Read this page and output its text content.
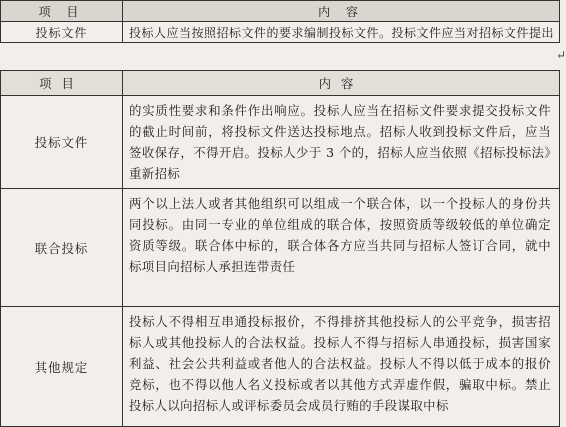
项 目	内 容
投标文件	投标人应当按照招标文件的要求编制投标文件。投标文件应当对招标文件提出
↵
项目	内容
投标文件	的实质性要求和条件作出响应。投标人应当在招标文件要求提交投标文件的截止时间前，将投标文件送达投标地点。招标人收到投标文件后，应当签收保存，不得开启。投标人少于 3 个的，招标人应当依照《招标投标法》重新招标
联合投标	两个以上法人或者其他组织可以组成一个联合体，以一个投标人的身份共同投标。由同一专业的单位组成的联合体，按照资质等级较低的单位确定资质等级。联合体中标的，联合体各方应当共同与招标人签订合同，就中标项目向招标人承担连带责任
其他规定	投标人不得相互串通投标报价，不得排挤其他投标人的公平竞争，损害招标人或其他投标人的合法权益。投标人不得与招标人串通投标，损害国家利益、社会公共利益或者他人的合法权益。投标人不得以低于成本的报价竞标，也不得以他人名义投标或者以其他方式弄虚作假，骗取中标。禁止投标人以向招标人或评标委员会成员行贿的手段谋取中标
